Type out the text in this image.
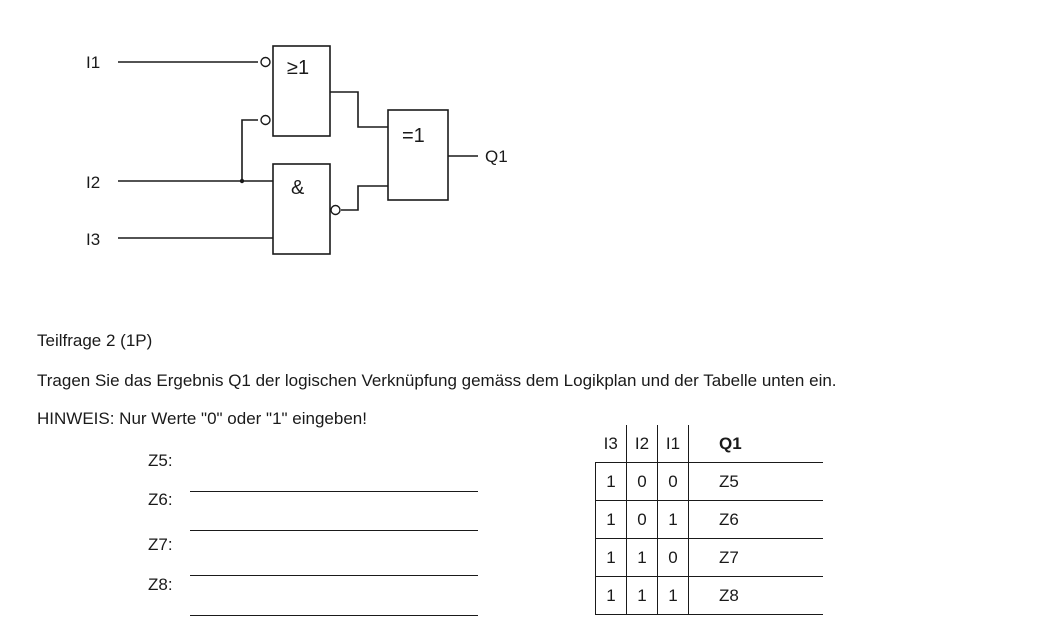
I1
I2
I3
≥1
&
=1
Q1
Teilfrage 2 (1P)
Tragen Sie das Ergebnis Q1 der logischen Verknüpfung gemäss dem Logikplan und der Tabelle unten ein.
HINWEIS: Nur Werte "0" oder "1" eingeben!
Z5:
Z6:
Z7:
Z8:
I3	I2	I1	Q1
1	0	0	Z5
1	0	1	Z6
1	1	0	Z7
1	1	1	Z8
